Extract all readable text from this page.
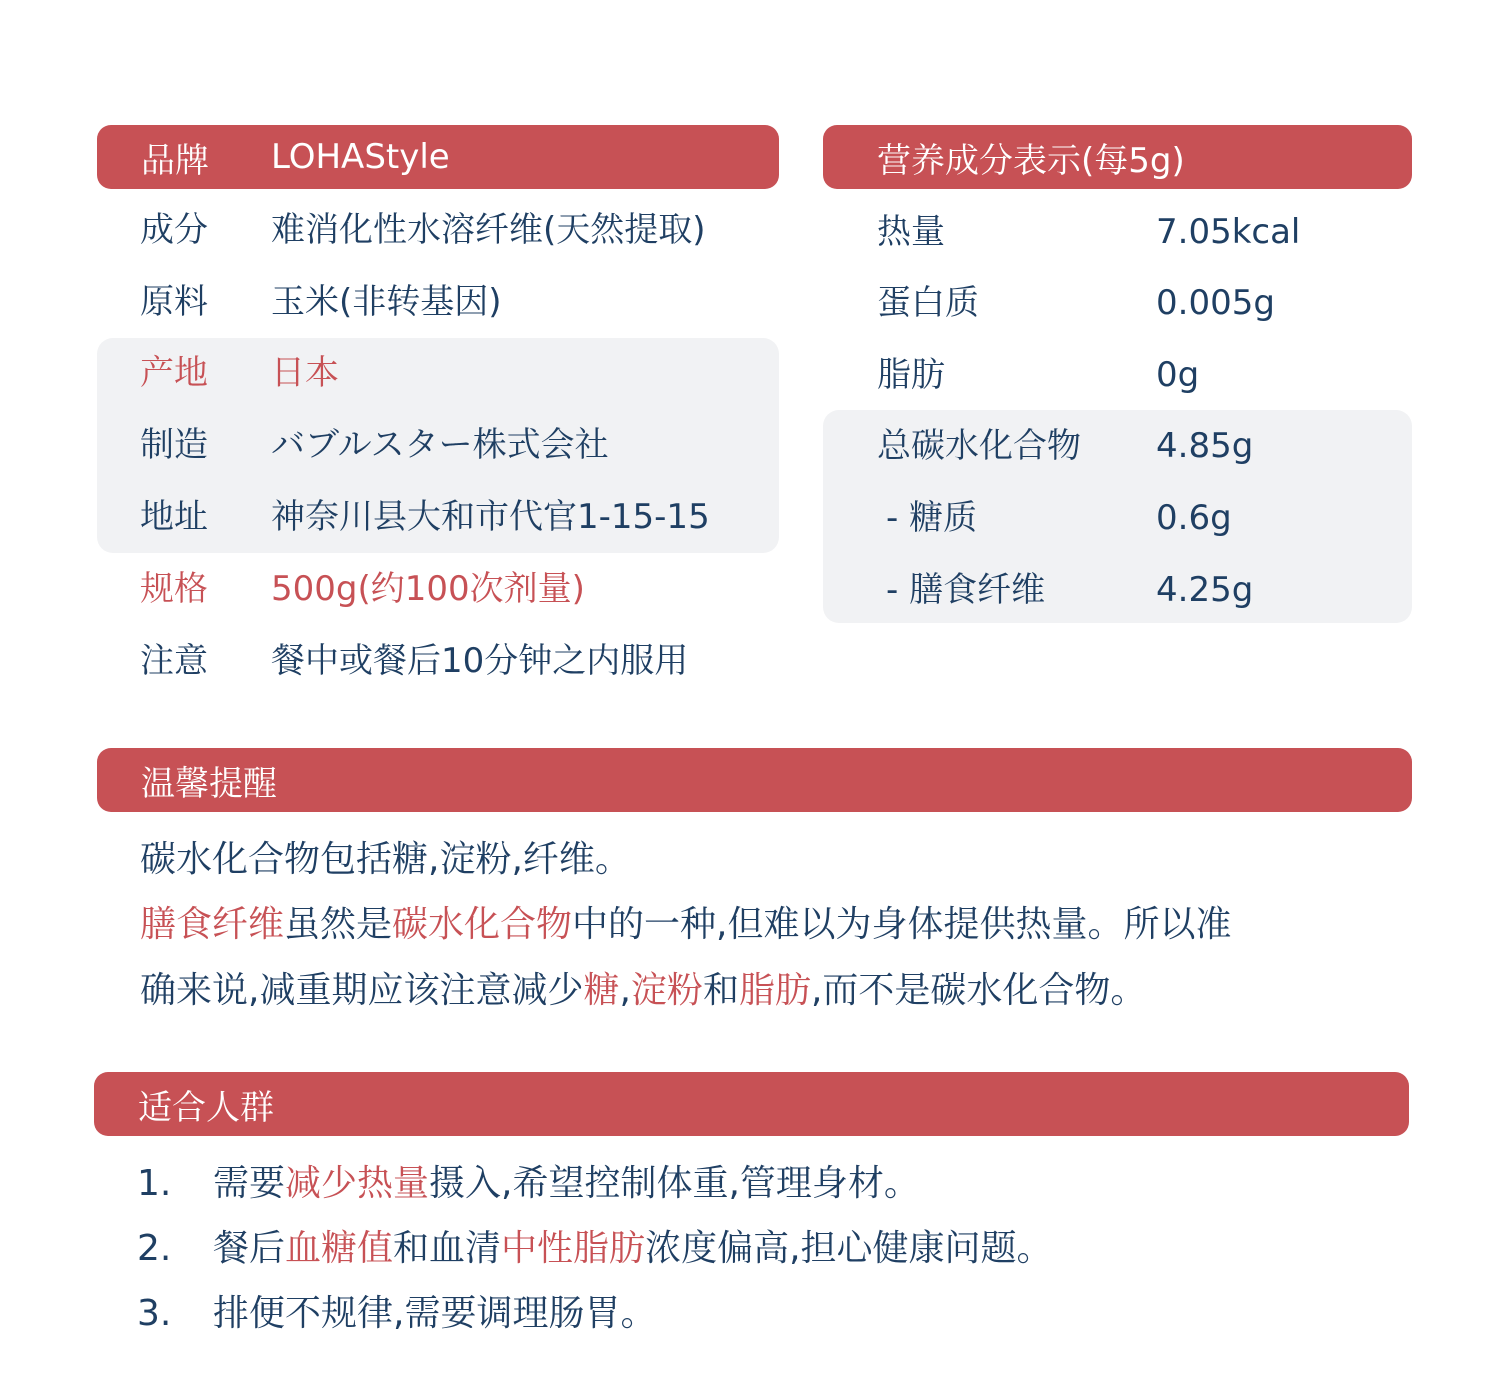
品牌 LOHAStyle
成分 难消化性水溶纤维(天然提取)
原料 玉米(非转基因)
产地 日本
制造 バブルスター株式会社
地址 神奈川县大和市代官1-15-15
规格 500g(约100次剂量)
注意 餐中或餐后10分钟之内服用
营养成分表示(每5g)
热量	7.05kcal
蛋白质	0.005g
脂肪	0g
总碳水化合物 4.85g
- 糖质	0.6g
- 膳食纤维	4.25g
温馨提醒
碳水化合物包括糖,淀粉,纤维。
膳食纤维虽然是碳水化合物中的一种,但难以为身体提供热量。所以准
确来说,减重期应该注意减少糖,淀粉和脂肪,而不是碳水化合物。
适合人群
1. 需要减少热量摄入,希望控制体重,管理身材。
2. 餐后血糖值和血清中性脂肪浓度偏高,担心健康问题。
3. 排便不规律,需要调理肠胃。
